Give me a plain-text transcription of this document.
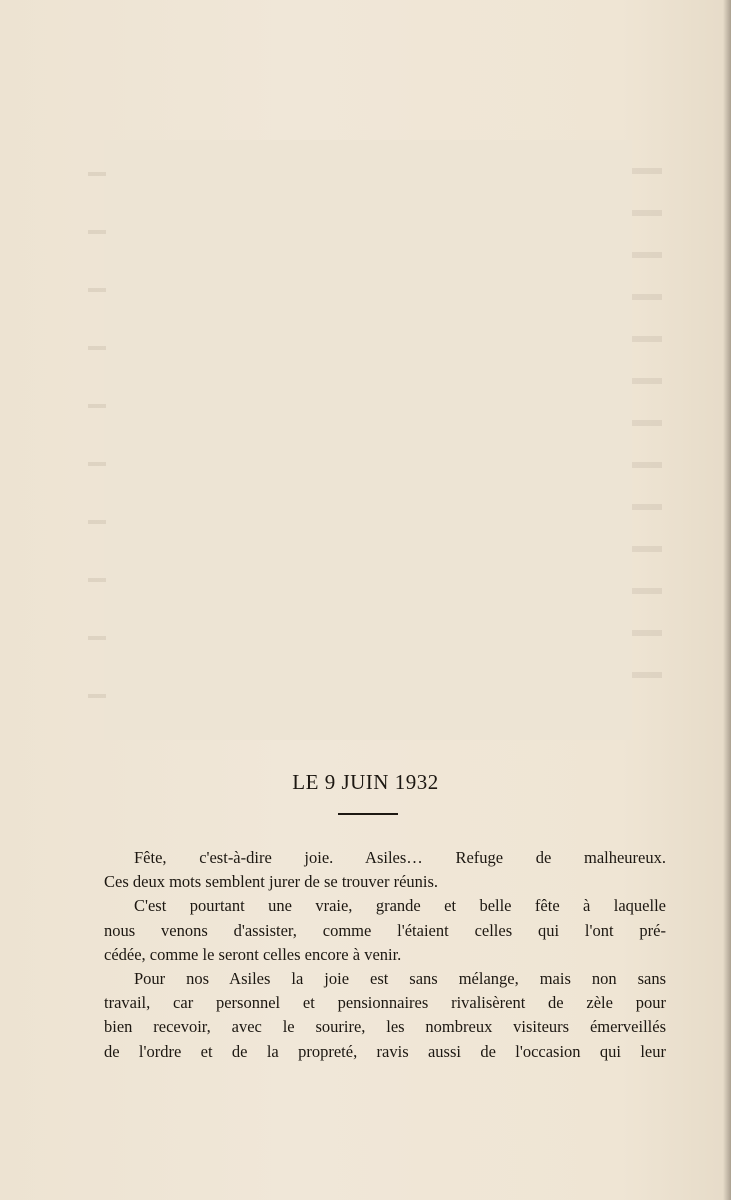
LE 9 JUIN 1932
Fête, c'est-à-dire joie. Asiles… Refuge de malheureux.
Ces deux mots semblent jurer de se trouver réunis.
C'est pourtant une vraie, grande et belle fête à laquelle
nous venons d'assister, comme l'étaient celles qui l'ont pré-
cédée, comme le seront celles encore à venir.
Pour nos Asiles la joie est sans mélange, mais non sans
travail, car personnel et pensionnaires rivalisèrent de zèle pour
bien recevoir, avec le sourire, les nombreux visiteurs émerveillés
de l'ordre et de la propreté, ravis aussi de l'occasion qui leur
